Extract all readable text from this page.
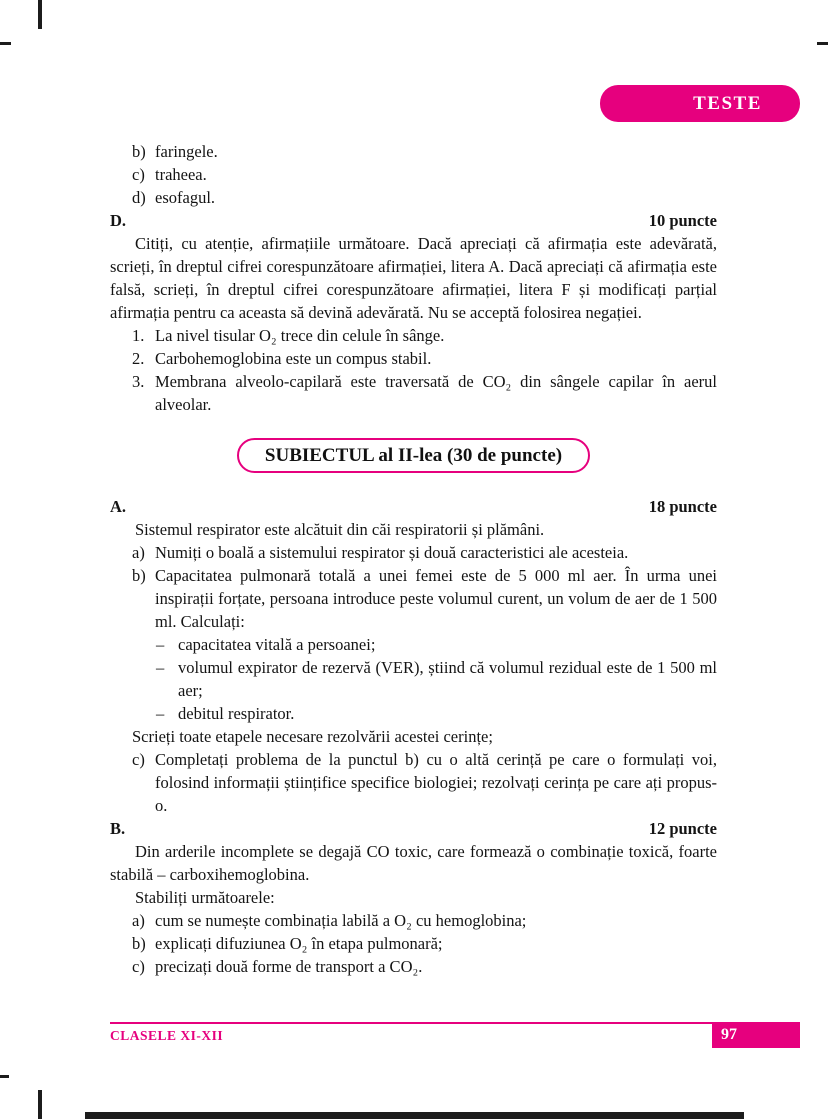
TESTE
b) faringele.
c) traheea.
d) esofagul.
D.	10 puncte

Citiți, cu atenție, afirmațiile următoare. Dacă apreciați că afirmația este adevărată, scrieți, în dreptul cifrei corespunzătoare afirmației, litera A. Dacă apreciați că afirmația este falsă, scrieți, în dreptul cifrei corespunzătoare afirmației, litera F și modificați parțial afirmația pentru ca aceasta să devină adevărată. Nu se acceptă folosirea negației.

1. La nivel tisular O₂ trece din celule în sânge.
2. Carbohemoglobina este un compus stabil.
3. Membrana alveolo-capilară este traversată de CO₂ din sângele capilar în aerul alveolar.
SUBIECTUL al II-lea (30 de puncte)
A.	18 puncte

Sistemul respirator este alcătuit din căi respiratorii și plămâni.

a) Numiți o boală a sistemului respirator și două caracteristici ale acesteia.
b) Capacitatea pulmonară totală a unei femei este de 5 000 ml aer. În urma unei inspirații forțate, persoana introduce peste volumul curent, un volum de aer de 1 500 ml. Calculați:
– capacitatea vitală a persoanei;
– volumul expirator de rezervă (VER), știind că volumul rezidual este de 1 500 ml aer;
– debitul respirator.

Scrieți toate etapele necesare rezolvării acestei cerințe;

c) Completați problema de la punctul b) cu o altă cerință pe care o formulați voi, folosind informații științifice specifice biologiei; rezolvați cerința pe care ați propus-o.
B.	12 puncte

Din arderile incomplete se degajă CO toxic, care formează o combinație toxică, foarte stabilă – carboxihemoglobina.

Stabiliți următoarele:

a) cum se numește combinația labilă a O₂ cu hemoglobina;
b) explicați difuziunea O₂ în etapa pulmonară;
c) precizați două forme de transport a CO₂.
CLASELE XI-XII	97
